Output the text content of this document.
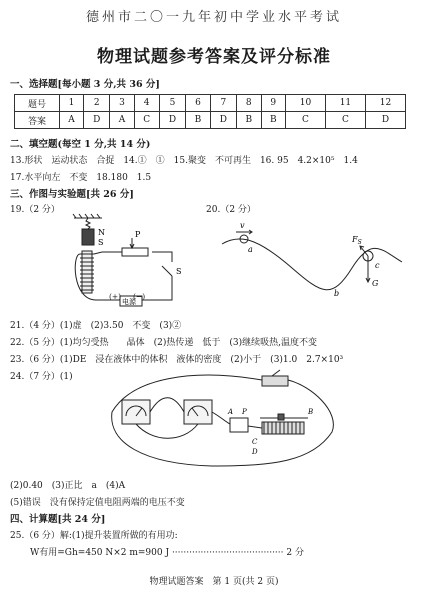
德州市二〇一九年初中学业水平考试
物理试题参考答案及评分标准
一、选择题[每小题 3 分,共 36 分]
题号	1	2	3	4	5	6	7	8	9	10	11	12
答案	A	D	A	C	D	B	D	B	B	C	C	D
二、填空题(每空 1 分,共 14 分)
13.形状　运动状态　合捉　14.①　①　15.聚变　不可再生　16. 95　4.2×10⁵　1.4
17.水平向左　不变　18.180　1.5
三、作图与实验题[共 26 分]
19.（2 分）	20.（2 分）
N
S
P
S
电源
(+) (−)
v
a
$F_S$
c
b
G
21.（4 分）(1)虚　(2)3.50　不变　(3)②
22.（5 分）(1)均匀受热　　晶体　(2)热传递　低于　(3)继续吸热,温度不变
23.（6 分）(1)DE　浸在液体中的体积　液体的密度　(2)小于　(3)1.0　2.7×10³
24.（7 分）(1)
A	B
C
D
P
(2)0.40　(3)正比　a　(4)A
(5)错误　没有保持定值电阻两端的电压不变
四、计算题[共 24 分]
25.（6 分）解:(1)提升装置所做的有用功:
W有用=Gh=450 N×2 m=900 J ······································· 2 分
物理试题答案　第 1 页(共 2 页)
